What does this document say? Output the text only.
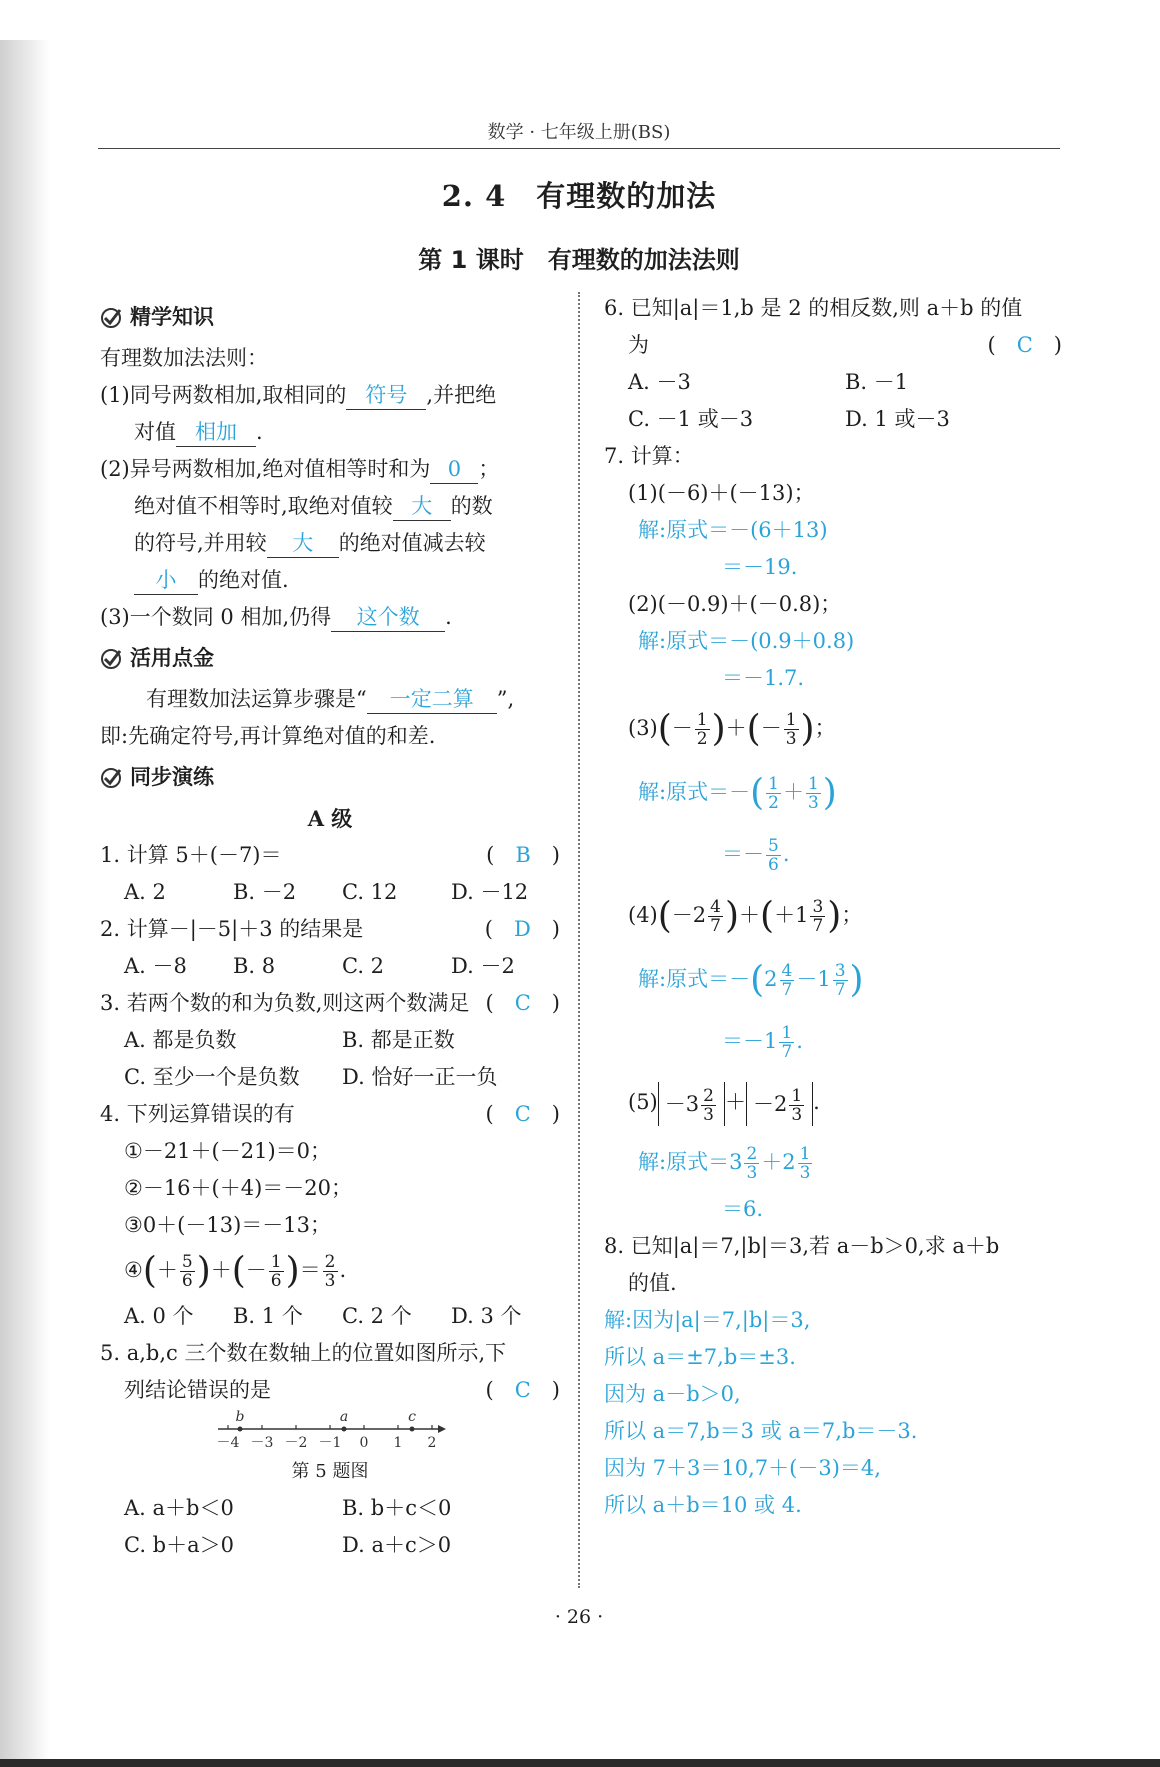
数学 · 七年级上册(BS)
2. 4　有理数的加法
第 1 课时　有理数的加法法则
精学知识
有理数加法法则：
(1)同号两数相加,取相同的 符号 ,并把绝
对值 相加 .
(2)异号两数相加,绝对值相等时和为 0 ；
绝对值不相等时,取绝对值较 大 的数
的符号,并用较 大 的绝对值减去较
小 的绝对值.
(3)一个数同 0 相加,仍得 这个数 .
活用点金
有理数加法运算步骤是“ 一定二算 ”,
即:先确定符号,再计算绝对值的和差.
同步演练
A 级
1. 计算 5＋(－7)＝	(　B　)
A. 2	B. －2	C. 12	D. －12
2. 计算－|－5|＋3 的结果是	(　D　)
A. －8	B. 8	C. 2	D. －2
3. 若两个数的和为负数,则这两个数满足 (　C　)
A. 都是负数	B. 都是正数
C. 至少一个是负数	D. 恰好一正一负
4. 下列运算错误的有	(　C　)
①－21＋(－21)＝0；
②－16＋(＋4)＝－20；
③0＋(－13)＝－13；
④(＋ $\frac{5}{6}$ )＋(－ $\frac{1}{6}$ )＝ $\frac{2}{3}$ .
A. 0 个	B. 1 个	C. 2 个	D. 3 个
5. a,b,c 三个数在数轴上的位置如图所示,下
列结论错误的是	(　C　)
－4 －3 －2 －1 0 1 2
b	a	c
第 5 题图
A. a＋b＜0	B. b＋c＜0
C. b＋a＞0	D. a＋c＞0
6. 已知|a|＝1,b 是 2 的相反数,则 a＋b 的值
为	(　C　)
A. －3	B. －1
C. －1 或－3	D. 1 或－3
7. 计算：
(1)(－6)＋(－13)；
解:原式＝－(6＋13)
＝－19.
(2)(－0.9)＋(－0.8)；
解:原式＝－(0.9＋0.8)
＝－1.7.
$(3)(- \frac{1}{2}$ )＋(－ $\frac{1}{3}$ )；
解:原式＝－( $\frac{1}{2} + \frac{1}{3}$ )
＝－ $\frac{5}{6}$ .
$(4)(-2 \frac{4}{7} )+(+1 \frac{3}{7}$ )；
解:原式$=-(2 \frac{4}{7} -1 \frac{3}{7}$ )
$=-1 \frac{1}{7}$ .
$(5) -3 \frac{2}{3} + -2 \frac{1}{3}$ .
解:原式$=3 \frac{2}{3} +2 \frac{1}{3}$
＝6.
8. 已知|a|＝7,|b|＝3,若 a－b＞0,求 a＋b
的值.
解:因为|a|＝7,|b|＝3,
所以 a＝±7,b＝±3.
因为 a－b＞0,
所以 a＝7,b＝3 或 a＝7,b＝－3.
因为 7＋3＝10,7＋(－3)＝4,
所以 a＋b＝10 或 4.
· 26 ·
